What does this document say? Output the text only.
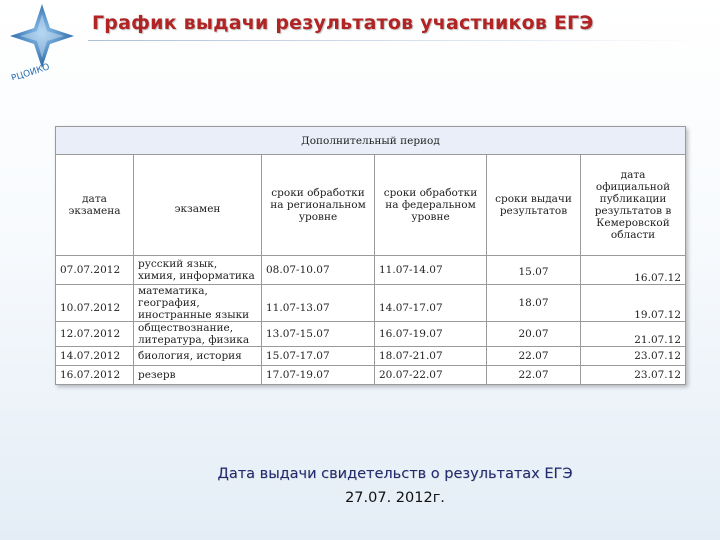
РЦОИКО
График выдачи результатов участников ЕГЭ
Дополнительный период					
дата экзамена	экзамен	сроки обработки на региональном уровне	сроки обработки на федеральном уровне	сроки выдачи результатов	дата официальной публикации результатов в Кемеровской области
07.07.2012	русский язык, химия, информатика	08.07-10.07	11.07-14.07	15.07	16.07.12
10.07.2012	математика, география, иностранные языки	11.07-13.07	14.07-17.07	18.07	19.07.12
12.07.2012	обществознание, литература, физика	13.07-15.07	16.07-19.07	20.07	21.07.12
14.07.2012	биология, история	15.07-17.07	18.07-21.07	22.07	23.07.12
16.07.2012	резерв	17.07-19.07	20.07-22.07	22.07	23.07.12
Дата выдачи свидетельств о результатах ЕГЭ
27.07. 2012г.
